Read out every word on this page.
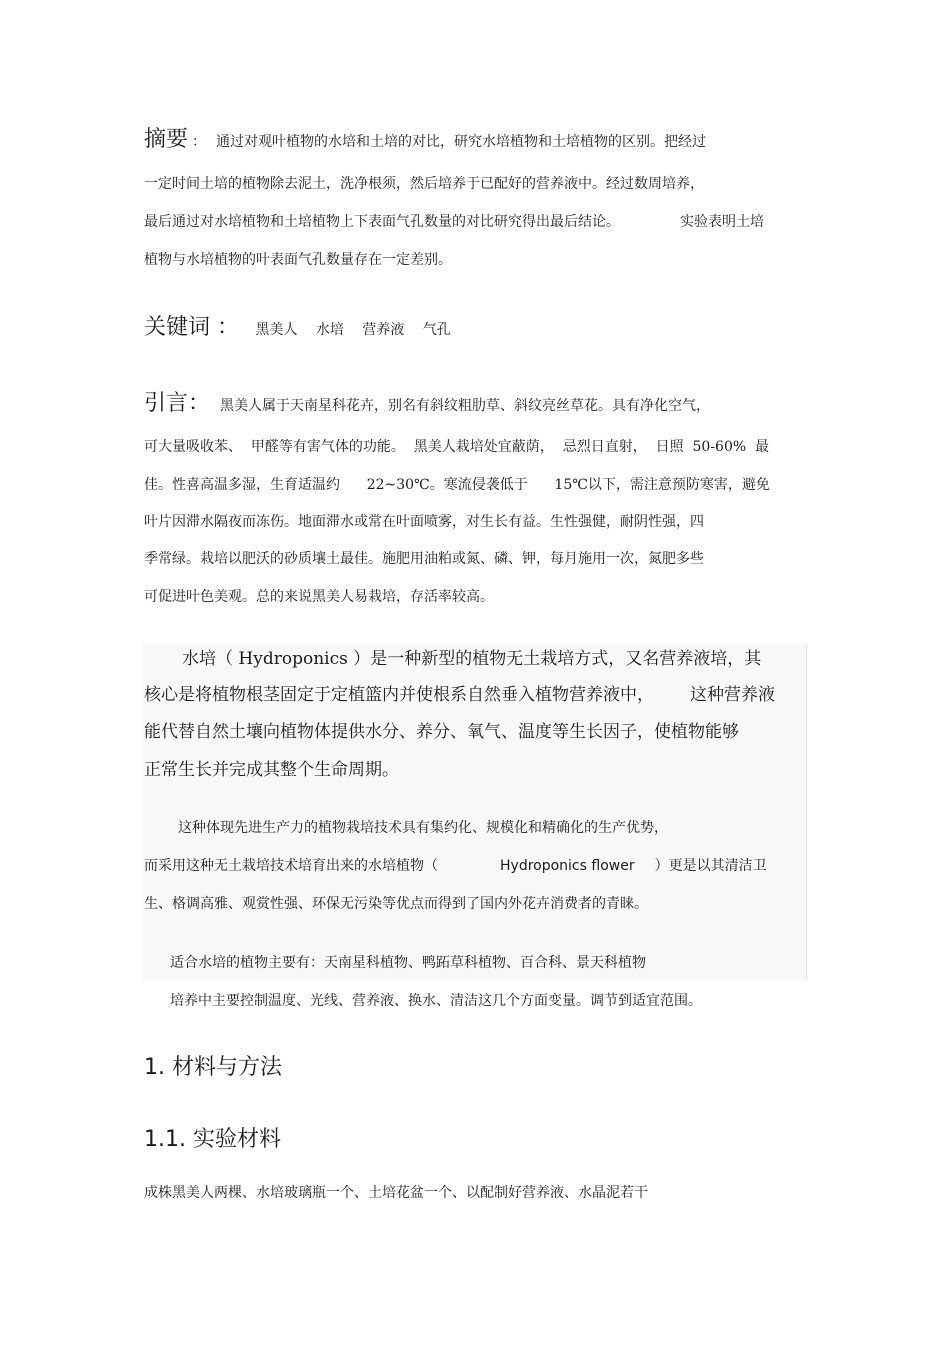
摘要 ： 通过对观叶植物的水培和土培的对比，研究水培植物和土培植物的区别。把经过
一定时间土培的植物除去泥土，洗净根须，然后培养于已配好的营养液中。经过数周培养，
最后通过对水培植物和土培植物上下表面气孔数量的对比研究得出最后结论。	实验表明土培
植物与水培植物的叶表面气孔数量存在一定差别。
关键词 ： 黑美人 水培 营养液 气孔
引言： 黑美人属于天南星科花卉，别名有斜纹粗肋草、斜纹亮丝草花。具有净化空气，
可大量吸收苯、  甲醛等有害气体的功能。  黑美人栽培处宜蔽荫，  忌烈日直射，  日照  50-60%  最
佳。性喜高温多湿，生育适温约      22~30℃。寒流侵袭低于      15℃以下，需注意预防寒害，避免
叶片因滞水隔夜而冻伤。地面滞水或常在叶面喷雾，对生长有益。生性强健，耐阴性强，四
季常绿。栽培以肥沃的砂质壤土最佳。施肥用油粕或氮、磷、钾，每月施用一次，氮肥多些
可促进叶色美观。总的来说黑美人易栽培，存活率较高。
水培（ Hydroponics ）是一种新型的植物无土栽培方式，又名营养液培，其
核心是将植物根茎固定于定植篮内并使根系自然垂入植物营养液中， 这种营养液
能代替自然土壤向植物体提供水分、养分、氧气、温度等生长因子，使植物能够
正常生长并完成其整个生命周期。
这种体现先进生产力的植物栽培技术具有集约化、规模化和精确化的生产优势，
而采用这种无土栽培技术培育出来的水培植物（	Hydroponics flower ）更是以其清洁卫
生、格调高雅、观赏性强、环保无污染等优点而得到了国内外花卉消费者的青睐。
适合水培的植物主要有：天南星科植物、鸭跖草科植物、百合科、景天科植物
培养中主要控制温度、光线、营养液、换水、清洁这几个方面变量。调节到适宜范围。
1. 材料与方法
1.1. 实验材料
成株黑美人两棵、水培玻璃瓶一个、土培花盆一个、以配制好营养液、水晶泥若干
